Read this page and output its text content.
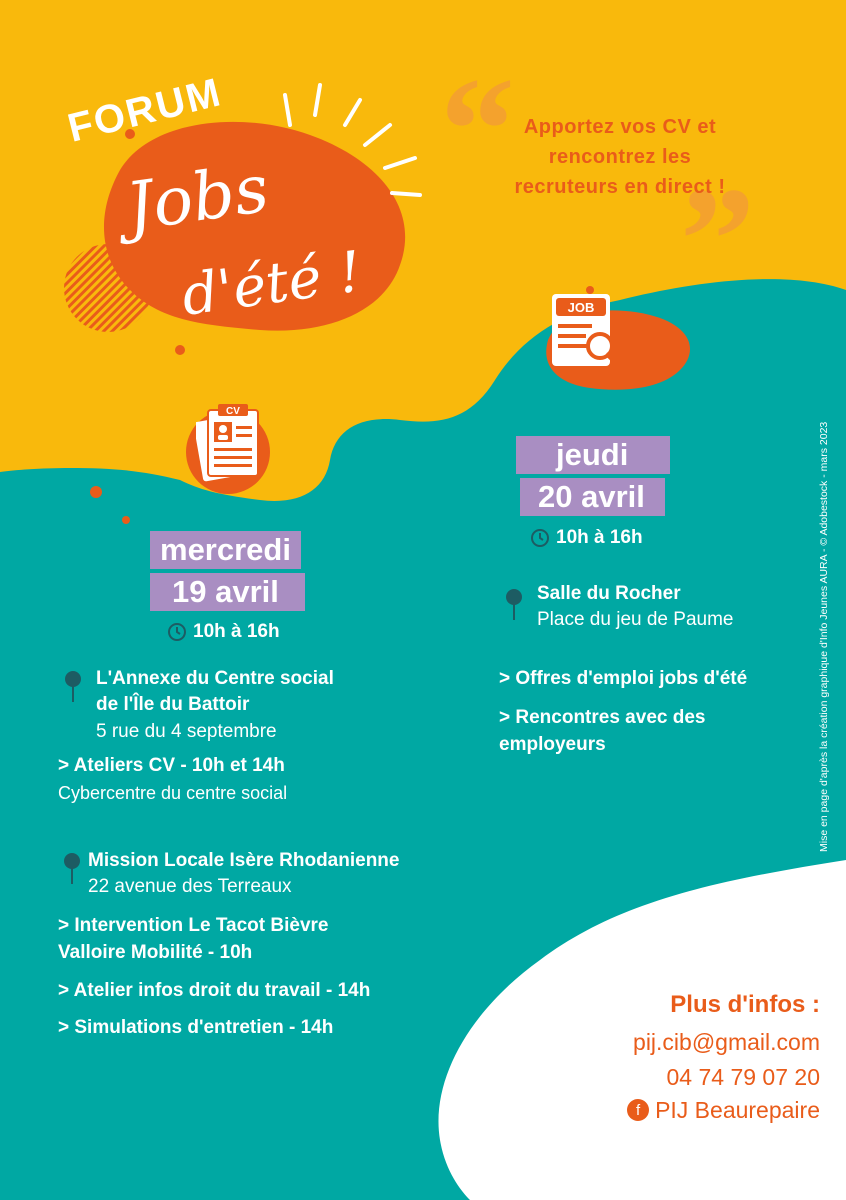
“
”
FORUM
Jobs
d'été !
Apportez vos CV et
rencontrez les
recruteurs en direct !
JOB
CV
mercredi
19 avril
10h à 16h
jeudi
20 avril
10h à 16h
L'Annexe du Centre social
de l'Île du Battoir
5 rue du 4 septembre
> Ateliers CV - 10h et 14h
Cybercentre du centre social
Mission Locale Isère Rhodanienne
22 avenue des Terreaux
> Intervention Le Tacot Bièvre
Valloire Mobilité - 10h
> Atelier infos droit du travail - 14h
> Simulations d'entretien - 14h
Salle du Rocher
Place du jeu de Paume
> Offres d'emploi jobs d'été
> Rencontres avec des
employeurs
Plus d'infos :
pij.cib@gmail.com
04 74 79 07 20
f PIJ Beaurepaire
Mise en page d'après la création graphique d'Info Jeunes AURA - © Adobestock - mars 2023
